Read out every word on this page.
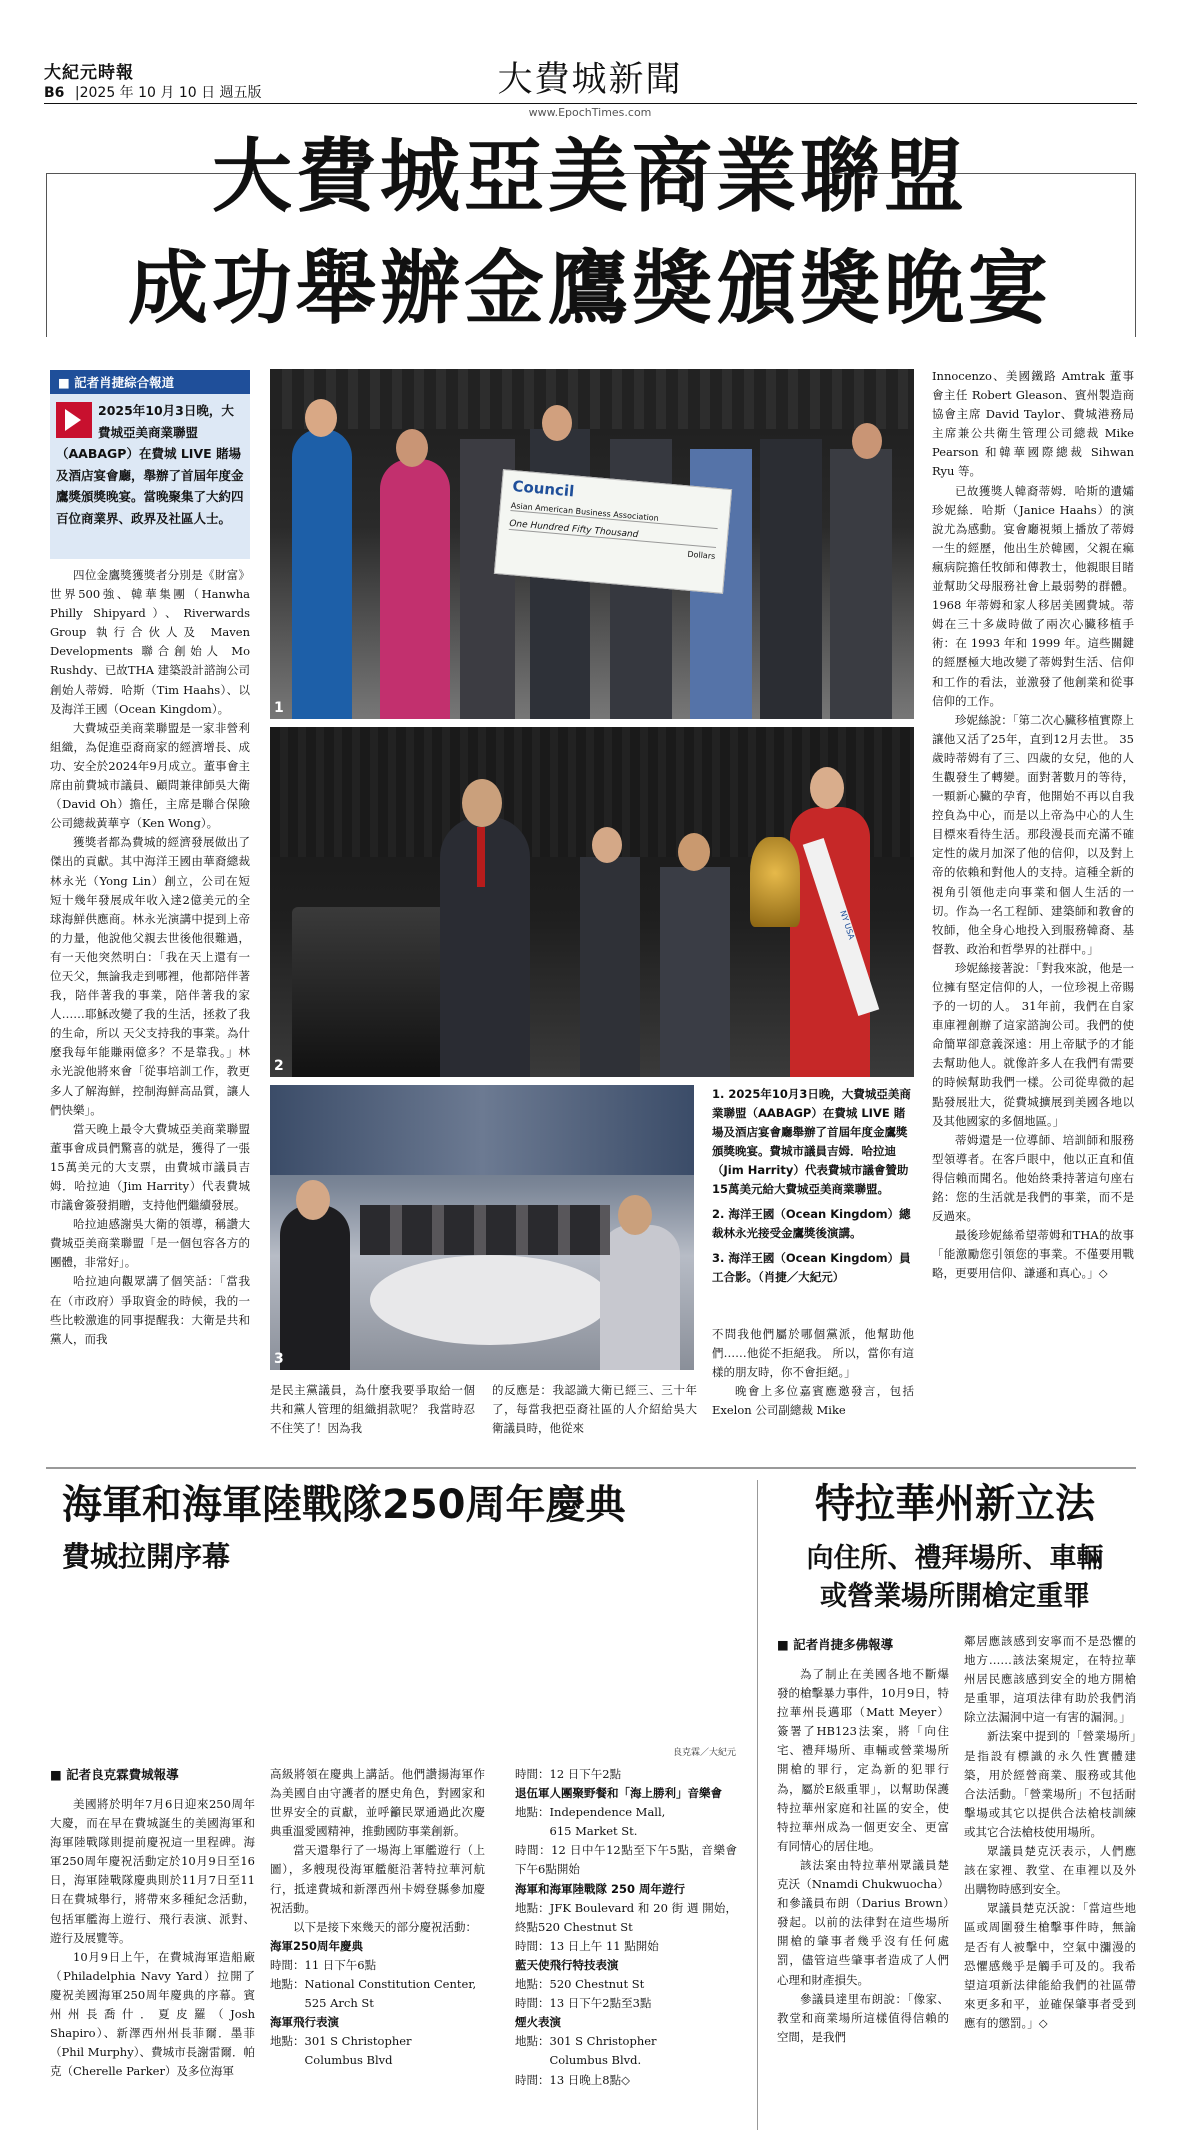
大紀元時報
B6 |2025 年 10 月 10 日 週五版	大費城新聞
www.EpochTimes.com
大費城亞美商業聯盟
成功舉辦金鷹獎頒獎晚宴
■ 記者肖捷綜合報道
2025年10月3日晚，大費城亞美商業聯盟（AABAGP）在費城 LIVE 賭場及酒店宴會廳，舉辦了首屆年度金鷹獎頒獎晚宴。當晚聚集了大約四百位商業界、政界及社區人士。

四位金鷹獎獲獎者分別是《財富》世界500強、韓華集團（Hanwha Philly Shipyard）、Riverwards Group 執行合伙人及 Maven Developments 聯合創始人 Mo Rushdy、已故THA 建築設計諮詢公司創始人蒂姆．哈斯（Tim Haahs）、以及海洋王國（Ocean Kingdom）。

大費城亞美商業聯盟是一家非營利組織，為促進亞裔商家的經濟增長、成功、安全於2024年9月成立。董事會主席由前費城市議員、顧問兼律師吳大衛（David Oh）擔任，主席是聯合保險公司總裁黃華亨（Ken Wong）。

獲獎者都為費城的經濟發展做出了傑出的貢獻。其中海洋王國由華裔總裁林永光（Yong Lin）創立，公司在短短十幾年發展成年收入達2億美元的全球海鮮供應商。林永光演講中提到上帝的力量，他說他父親去世後他很難過，有一天他突然明白：「我在天上還有一位天父，無論我走到哪裡，他都陪伴著我，陪伴著我的事業，陪伴著我的家人……耶穌改變了我的生活，拯救了我的生命，所以 天父支持我的事業。為什麼我每年能賺兩億多？不是靠我。」林永光說他將來會「從事培訓工作，教更多人了解海鮮，控制海鮮高品質，讓人們快樂」。

當天晚上最令大費城亞美商業聯盟董事會成員們驚喜的就是，獲得了一張15萬美元的大支票，由費城市議員吉姆．哈拉迪（Jim Harrity）代表費城市議會簽發捐贈，支持他們繼續發展。

哈拉迪感謝吳大衛的領導，稱讚大費城亞美商業聯盟「是一個包容各方的團體，非常好」。

哈拉迪向觀眾講了個笑話：「當我在（市政府）爭取資金的時候，我的一些比較激進的同事提醒我：大衛是共和黨人，而我

Council
Asian American Business Association
One Hundred Fifty Thousand
Dollars
1
NY USA
2
3
1. 2025年10月3日晚，大費城亞美商業聯盟（AABAGP）在費城 LIVE 賭場及酒店宴會廳舉辦了首屆年度金鷹獎頒獎晚宴。費城市議員吉姆．哈拉迪（Jim Harrity）代表費城市議會贊助15萬美元給大費城亞美商業聯盟。
2. 海洋王國（Ocean Kingdom）總裁林永光接受金鷹獎後演講。
3. 海洋王國（Ocean Kingdom）員工合影。（肖捷／大紀元）

是民主黨議員，為什麼我要爭取給一個共和黨人管理的組織捐款呢？ 我當時忍不住笑了！因為我

的反應是：我認識大衛已經三、三十年了，每當我把亞裔社區的人介紹給吳大衛議員時，他從來

不問我他們屬於哪個黨派，他幫助他們……他從不拒絕我。 所以，當你有這樣的朋友時，你不會拒絕。」

晚會上多位嘉賓應邀發言，包括 Exelon 公司副總裁 Mike

Innocenzo、美國鐵路 Amtrak 董事會主任 Robert Gleason、賓州製造商協會主席 David Taylor、費城港務局主席兼公共衛生管理公司總裁 Mike Pearson 和韓華國際總裁 Sihwan Ryu 等。

已故獲獎人韓裔蒂姆．哈斯的遺孀珍妮絲．哈斯（Janice Haahs）的演說尤為感動。宴會廳視頻上播放了蒂姆一生的經歷，他出生於韓國，父親在痲瘋病院擔任牧師和傳教士，他親眼目睹並幫助父母服務社會上最弱勢的群體。 1968 年蒂姆和家人移居美國費城。蒂姆在三十多歲時做了兩次心臟移植手術：在 1993 年和 1999 年。這些關鍵的經歷極大地改變了蒂姆對生活、信仰和工作的看法，並激發了他創業和從事信仰的工作。

珍妮絲說：「第二次心臟移植實際上讓他又活了25年，直到12月去世。 35歲時蒂姆有了三、四歲的女兒，他的人生觀發生了轉變。面對著數月的等待，一顆新心臟的孕育，他開始不再以自我控負為中心，而是以上帝為中心的人生目標來看待生活。那段漫長而充滿不確定性的歲月加深了他的信仰，以及對上帝的依賴和對他人的支持。這種全新的視角引領他走向事業和個人生活的一切。作為一名工程師、建築師和教會的牧師，他全身心地投入到服務韓裔、基督教、政治和哲學界的社群中。」

珍妮絲接著說：「對我來說，他是一位擁有堅定信仰的人，一位珍視上帝賜予的一切的人。 31年前，我們在自家車庫裡創辦了這家諮詢公司。我們的使命簡單卻意義深遠：用上帝賦予的才能去幫助他人。就像許多人在我們有需要的時候幫助我們一樣。公司從卑微的起點發展壯大，從費城擴展到美國各地以及其他國家的多個地區。」

蒂姆還是一位導師、培訓師和服務型領導者。在客戶眼中，他以正直和值得信賴而聞名。他始終秉持著這句座右銘：您的生活就是我們的事業，而不是反過來。

最後珍妮絲希望蒂姆和THA的故事「能激勵您引領您的事業。不僅要用戰略，更要用信仰、謙遜和真心。」◇

海軍和海軍陸戰隊250周年慶典
費城拉開序幕
良克霖／大紀元
■ 記者良克霖費城報導

美國將於明年7月6日迎來250周年大慶，而在早在費城誕生的美國海軍和海軍陸戰隊則提前慶祝這一里程碑。海軍250周年慶祝活動定於10月9日至16日，海軍陸戰隊慶典則於11月7日至11日在費城舉行，將帶來多種紀念活動，包括軍艦海上遊行、飛行表演、派對、遊行及展覽等。

10月9日上午，在費城海軍造船廠（Philadelphia Navy Yard）拉開了慶祝美國海軍250周年慶典的序幕。賓州州長喬什．夏皮羅（Josh Shapiro）、新澤西州州長菲爾．墨菲（Phil Murphy）、費城市長謝雷爾．帕克（Cherelle Parker）及多位海軍

高級將領在慶典上講話。他們讚揚海軍作為美國自由守護者的歷史角色，對國家和世界安全的貢獻，並呼籲民眾通過此次慶典重溫愛國精神，推動國防事業創新。

當天還舉行了一場海上軍艦遊行（上圖），多艘現役海軍艦艇沿著特拉華河航行，抵達費城和新澤西州卡姆登縣參加慶祝活動。

以下是接下來幾天的部分慶祝活動：

海軍250周年慶典
時間：11 日下午6點
地點：National Constitution Center,
　　　525 Arch St
海軍飛行表演
地點：301 S Christopher
　　　Columbus Blvd
時間：12 日下午2點
退伍軍人團聚野餐和「海上勝利」音樂會
地點：Independence Mall,
　　　615 Market St.
時間：12 日中午12點至下午5點，音樂會下午6點開始
海軍和海軍陸戰隊 250 周年遊行
地點：JFK Boulevard 和 20 街 週 開始，終點520 Chestnut St
時間：13 日上午 11 點開始
藍天使飛行特技表演
地點：520 Chestnut St
時間：13 日下午2點至3點
煙火表演
地點：301 S Christopher
　　　Columbus Blvd.
時間：13 日晚上8點◇
特拉華州新立法
向住所、禮拜場所、車輛
或營業場所開槍定重罪
■ 記者肖捷多佛報導

為了制止在美國各地不斷爆發的槍擊暴力事件，10月9日，特拉華州長邁耶（Matt Meyer）簽署了HB123法案，將「向住宅、禮拜場所、車輛或營業場所開槍的罪行，定為新的犯罪行為，屬於E級重罪」，以幫助保護特拉華州家庭和社區的安全，使特拉華州成為一個更安全、更富有同情心的居住地。

該法案由特拉華州眾議員楚克沃（Nnamdi Chukwuocha）和參議員布朗（Darius Brown）發起。以前的法律對在這些場所開槍的肇事者幾乎沒有任何處罰，儘管這些肇事者造成了人們心理和財產損失。

參議員達里布朗說：「像家、教堂和商業場所這樣值得信賴的空間，是我們

鄰居應該感到安寧而不是恐懼的地方……該法案規定，在特拉華州居民應該感到安全的地方開槍是重罪，這項法律有助於我們消除立法漏洞中這一有害的漏洞。」

新法案中提到的「營業場所」是指設有標識的永久性實體建築，用於經營商業、服務或其他合法活動。「營業場所」不包括耐擊場或其它以提供合法槍枝訓練或其它合法槍枝使用場所。

眾議員楚克沃表示，人們應該在家裡、教堂、在車裡以及外出購物時感到安全。

眾議員楚克沃說：「當這些地區或周圍發生槍擊事件時，無論是否有人被擊中，空氣中瀰漫的恐懼感幾乎是觸手可及的。我希望這項新法律能給我們的社區帶來更多和平，並確保肇事者受到應有的懲罰。」◇
